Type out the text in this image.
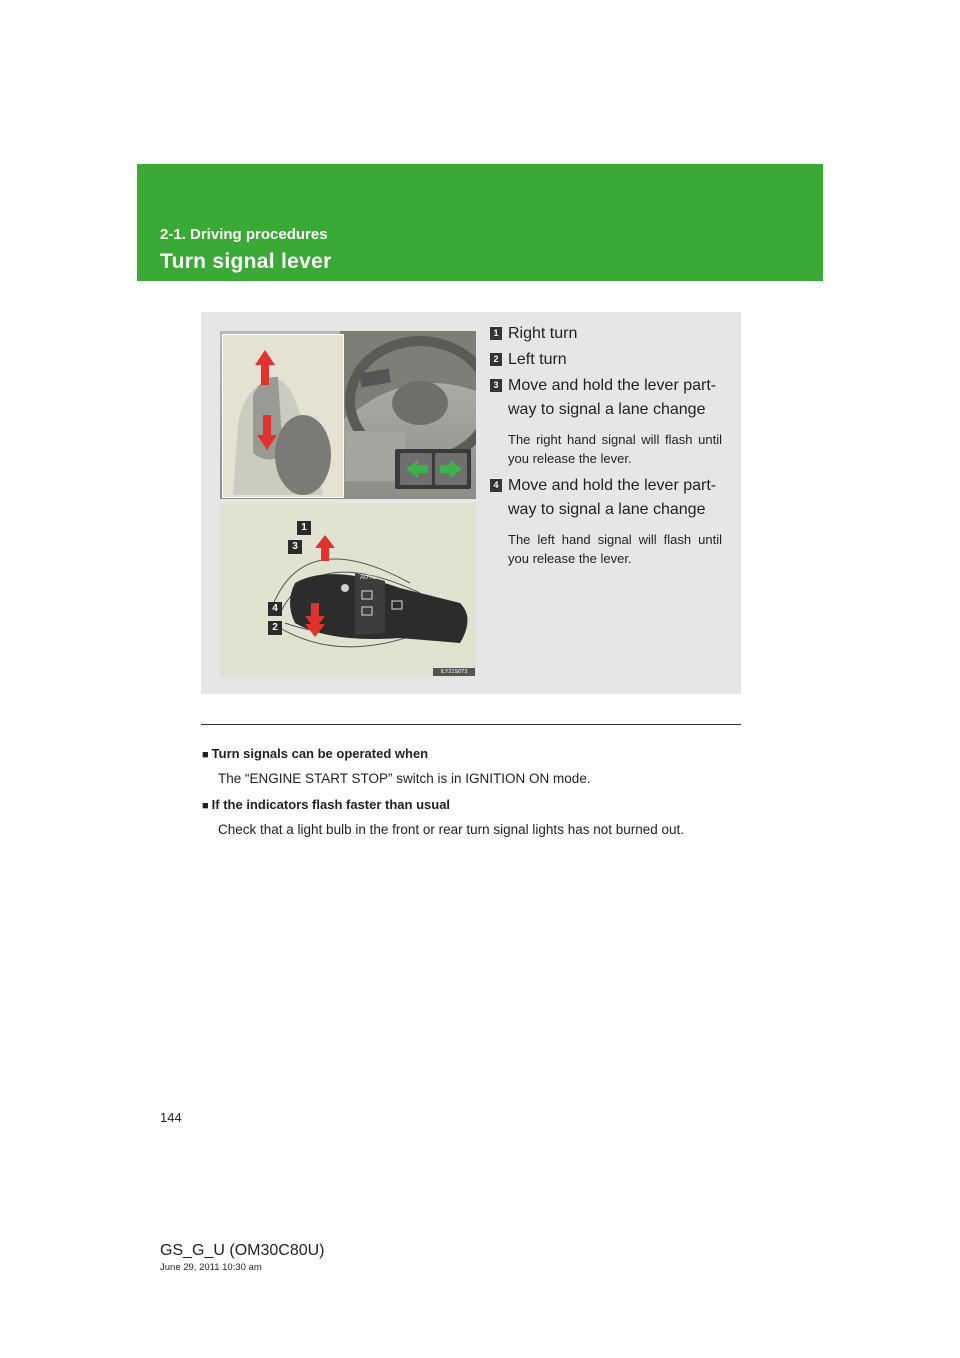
2-1. Driving procedures
Turn signal lever
AUTO
1
3
4
2
ILY21S073
1 Right turn
2 Left turn
3 Move and hold the lever part-way to signal a lane change
The right hand signal will flash until you release the lever.
4 Move and hold the lever part-way to signal a lane change
The left hand signal will flash until you release the lever.
■ Turn signals can be operated when
The “ENGINE START STOP” switch is in IGNITION ON mode.
■ If the indicators flash faster than usual
Check that a light bulb in the front or rear turn signal lights has not burned out.
144
GS_G_U (OM30C80U)
June 29, 2011 10:30 am
